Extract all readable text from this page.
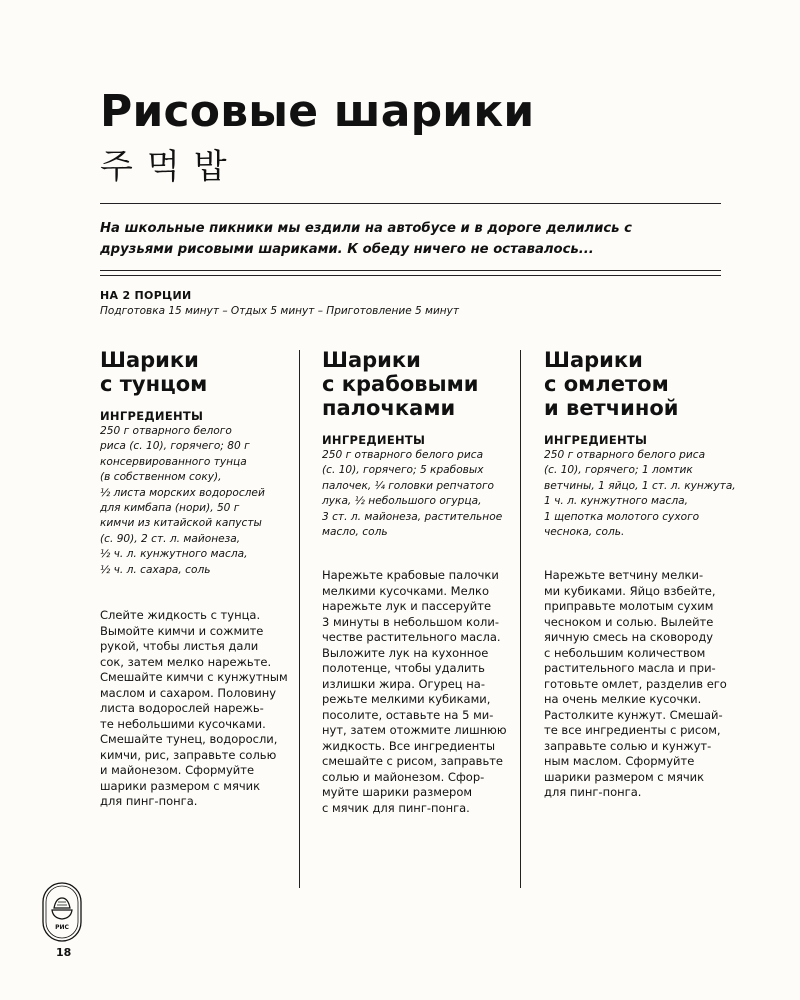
Рисовые шарики
주먹밥

На школьные пикники мы ездили на автобусе и в дороге делились с друзьями рисовыми шариками. К обеду ничего не оставалось...

НА 2 ПОРЦИИ
Подготовка 15 минут – Отдых 5 минут – Приготовление 5 минут
Шарики
с тунцом
ИНГРЕДИЕНТЫ
250 г отварного белого
риса (с. 10), горячего; 80 г
консервированного тунца
(в собственном соку),
½ листа морских водорослей
для кимбапа (нори), 50 г
кимчи из китайской капусты
(с. 90), 2 ст. л. майонеза,
½ ч. л. кунжутного масла,
½ ч. л. сахара, соль
Слейте жидкость с тунца.
Вымойте кимчи и сожмите
рукой, чтобы листья дали
сок, затем мелко нарежьте.
Смешайте кимчи с кунжутным
маслом и сахаром. Половину
листа водорослей нарежь-
те небольшими кусочками.
Смешайте тунец, водоросли,
кимчи, рис, заправьте солью
и майонезом. Сформуйте
шарики размером с мячик
для пинг-понга.
Шарики
с крабовыми
палочками
ИНГРЕДИЕНТЫ
250 г отварного белого риса
(с. 10), горячего; 5 крабовых
палочек, ¼ головки репчатого
лука, ½ небольшого огурца,
3 ст. л. майонеза, растительное
масло, соль
Нарежьте крабовые палочки
мелкими кусочками. Мелко
нарежьте лук и пассеруйте
3 минуты в небольшом коли-
честве растительного масла.
Выложите лук на кухонное
полотенце, чтобы удалить
излишки жира. Огурец на-
режьте мелкими кубиками,
посолите, оставьте на 5 ми-
нут, затем отожмите лишнюю
жидкость. Все ингредиенты
смешайте с рисом, заправьте
солью и майонезом. Сфор-
муйте шарики размером
с мячик для пинг-понга.
Шарики
с омлетом
и ветчиной
ИНГРЕДИЕНТЫ
250 г отварного белого риса
(с. 10), горячего; 1 ломтик
ветчины, 1 яйцо, 1 ст. л. кунжута,
1 ч. л. кунжутного масла,
1 щепотка молотого сухого
чеснока, соль.
Нарежьте ветчину мелки-
ми кубиками. Яйцо взбейте,
приправьте молотым сухим
чесноком и солью. Вылейте
яичную смесь на сковороду
с небольшим количеством
растительного масла и при-
готовьте омлет, разделив его
на очень мелкие кусочки.
Растолките кунжут. Смешай-
те все ингредиенты с рисом,
заправьте солью и кунжут-
ным маслом. Сформуйте
шарики размером с мячик
для пинг-понга.
РИС
18
